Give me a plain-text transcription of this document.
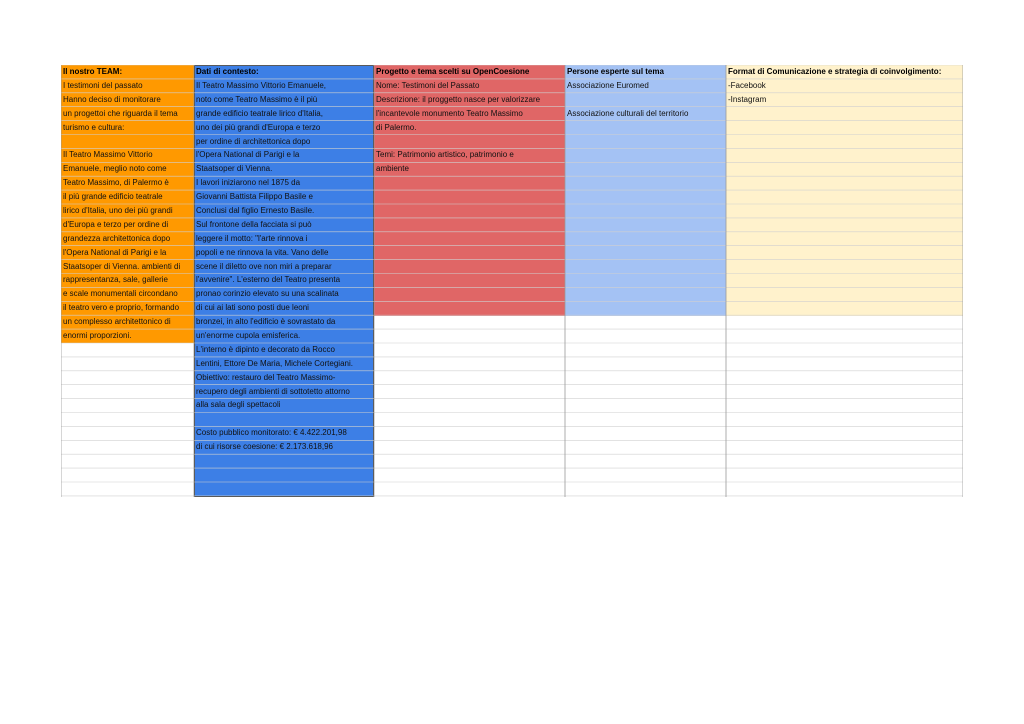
Il nostro TEAM:
I testimoni del passato
Hanno deciso di monitorare
un progettoi che riguarda il tema
turismo e cultura:
Il Teatro Massimo Vittorio
Emanuele, meglio noto come
Teatro Massimo, di Palermo è
il più grande edificio teatrale
lirico d'Italia, uno dei più grandi
d'Europa e terzo per ordine di
grandezza architettonica dopo
l'Opera National di Parigi e la
Staatsoper di Vienna. ambienti di
rappresentanza, sale, gallerie
e scale monumentali circondano
il teatro vero e proprio, formando
un complesso architettonico di
enormi proporzioni.
Dati di contesto:
Il Teatro Massimo Vittorio Emanuele,
noto come Teatro Massimo è il più
grande edificio teatrale lirico d'Italia,
uno dei più grandi d'Europa e terzo
per ordine di architettonica dopo
l'Opera National di Parigi e la
Staatsoper di Vienna.
I lavori iniziarono nel 1875 da
Giovanni Battista Filippo Basile e
Conclusi dal figlio Ernesto Basile.
Sul frontone della facciata si può
leggere il motto: "l'arte rinnova i
popoli e ne rinnova la vita. Vano delle
scene il diletto ove non miri a preparar
l'avvenire". L'esterno del Teatro presenta
pronao corinzio elevato su una scalinata
di cui ai lati sono posti due leoni
bronzei, in alto l'edificio è sovrastato da
un'enorme cupola emisferica.
L'interno è dipinto e decorato da Rocco
Lentini, Ettore De Maria, Michele Cortegiani.
Obiettivo: restauro del Teatro Massimo-
recupero degli ambienti di sottotetto attorno
alla sala degli spettacoli
Costo pubblico monitorato: € 4.422.201,98
di cui risorse coesione: € 2.173.618,96
Progetto e tema scelti su OpenCoesione
Nome: Testimoni del Passato
Descrizione: il proggetto nasce per valorizzare
l'incantevole monumento Teatro Massimo
di Palermo.
Temi: Patrimonio artistico, patrimonio e
ambiente
Persone esperte sul tema
Associazione Euromed
Associazione culturali del territorio
Format di Comunicazione e strategia di coinvolgimento:
-Facebook
-Instagram
